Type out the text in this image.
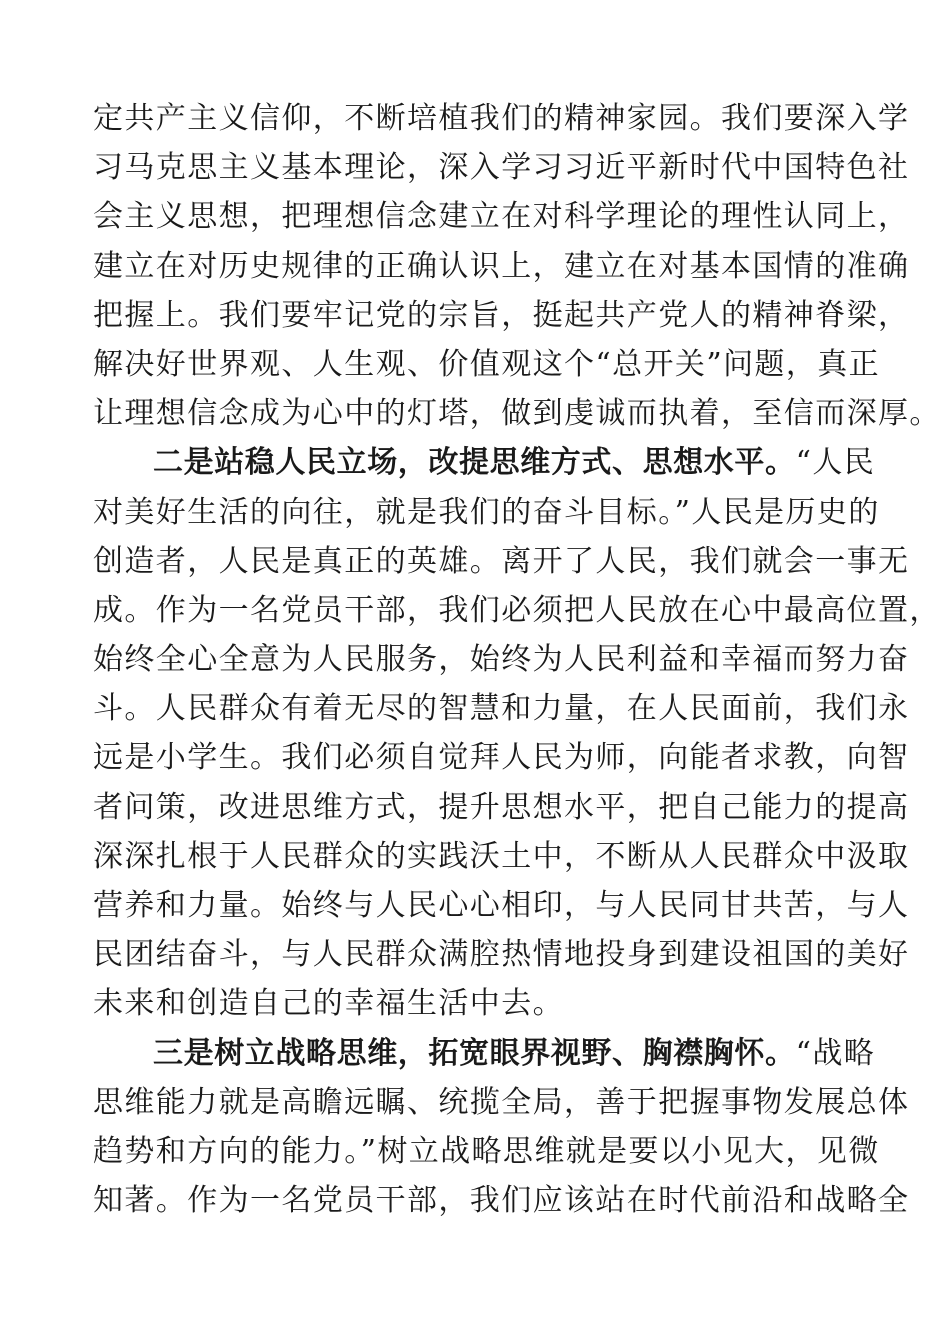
定共产主义信仰，不断培植我们的精神家园。我们要深入学
习马克思主义基本理论，深入学习习近平新时代中国特色社
会主义思想，把理想信念建立在对科学理论的理性认同上，
建立在对历史规律的正确认识上，建立在对基本国情的准确
把握上。我们要牢记党的宗旨，挺起共产党人的精神脊梁，
解决好世界观、人生观、价值观这个“总开关”问题，真正
让理想信念成为心中的灯塔，做到虔诚而执着，至信而深厚。
二是站稳人民立场，改提思维方式、思想水平。“人民
对美好生活的向往，就是我们的奋斗目标。”人民是历史的
创造者，人民是真正的英雄。离开了人民，我们就会一事无
成。作为一名党员干部，我们必须把人民放在心中最高位置，
始终全心全意为人民服务，始终为人民利益和幸福而努力奋
斗。人民群众有着无尽的智慧和力量，在人民面前，我们永
远是小学生。我们必须自觉拜人民为师，向能者求教，向智
者问策，改进思维方式，提升思想水平，把自己能力的提高
深深扎根于人民群众的实践沃土中，不断从人民群众中汲取
营养和力量。始终与人民心心相印，与人民同甘共苦，与人
民团结奋斗，与人民群众满腔热情地投身到建设祖国的美好
未来和创造自己的幸福生活中去。
三是树立战略思维，拓宽眼界视野、胸襟胸怀。“战略
思维能力就是高瞻远瞩、统揽全局，善于把握事物发展总体
趋势和方向的能力。”树立战略思维就是要以小见大，见微
知著。作为一名党员干部，我们应该站在时代前沿和战略全
